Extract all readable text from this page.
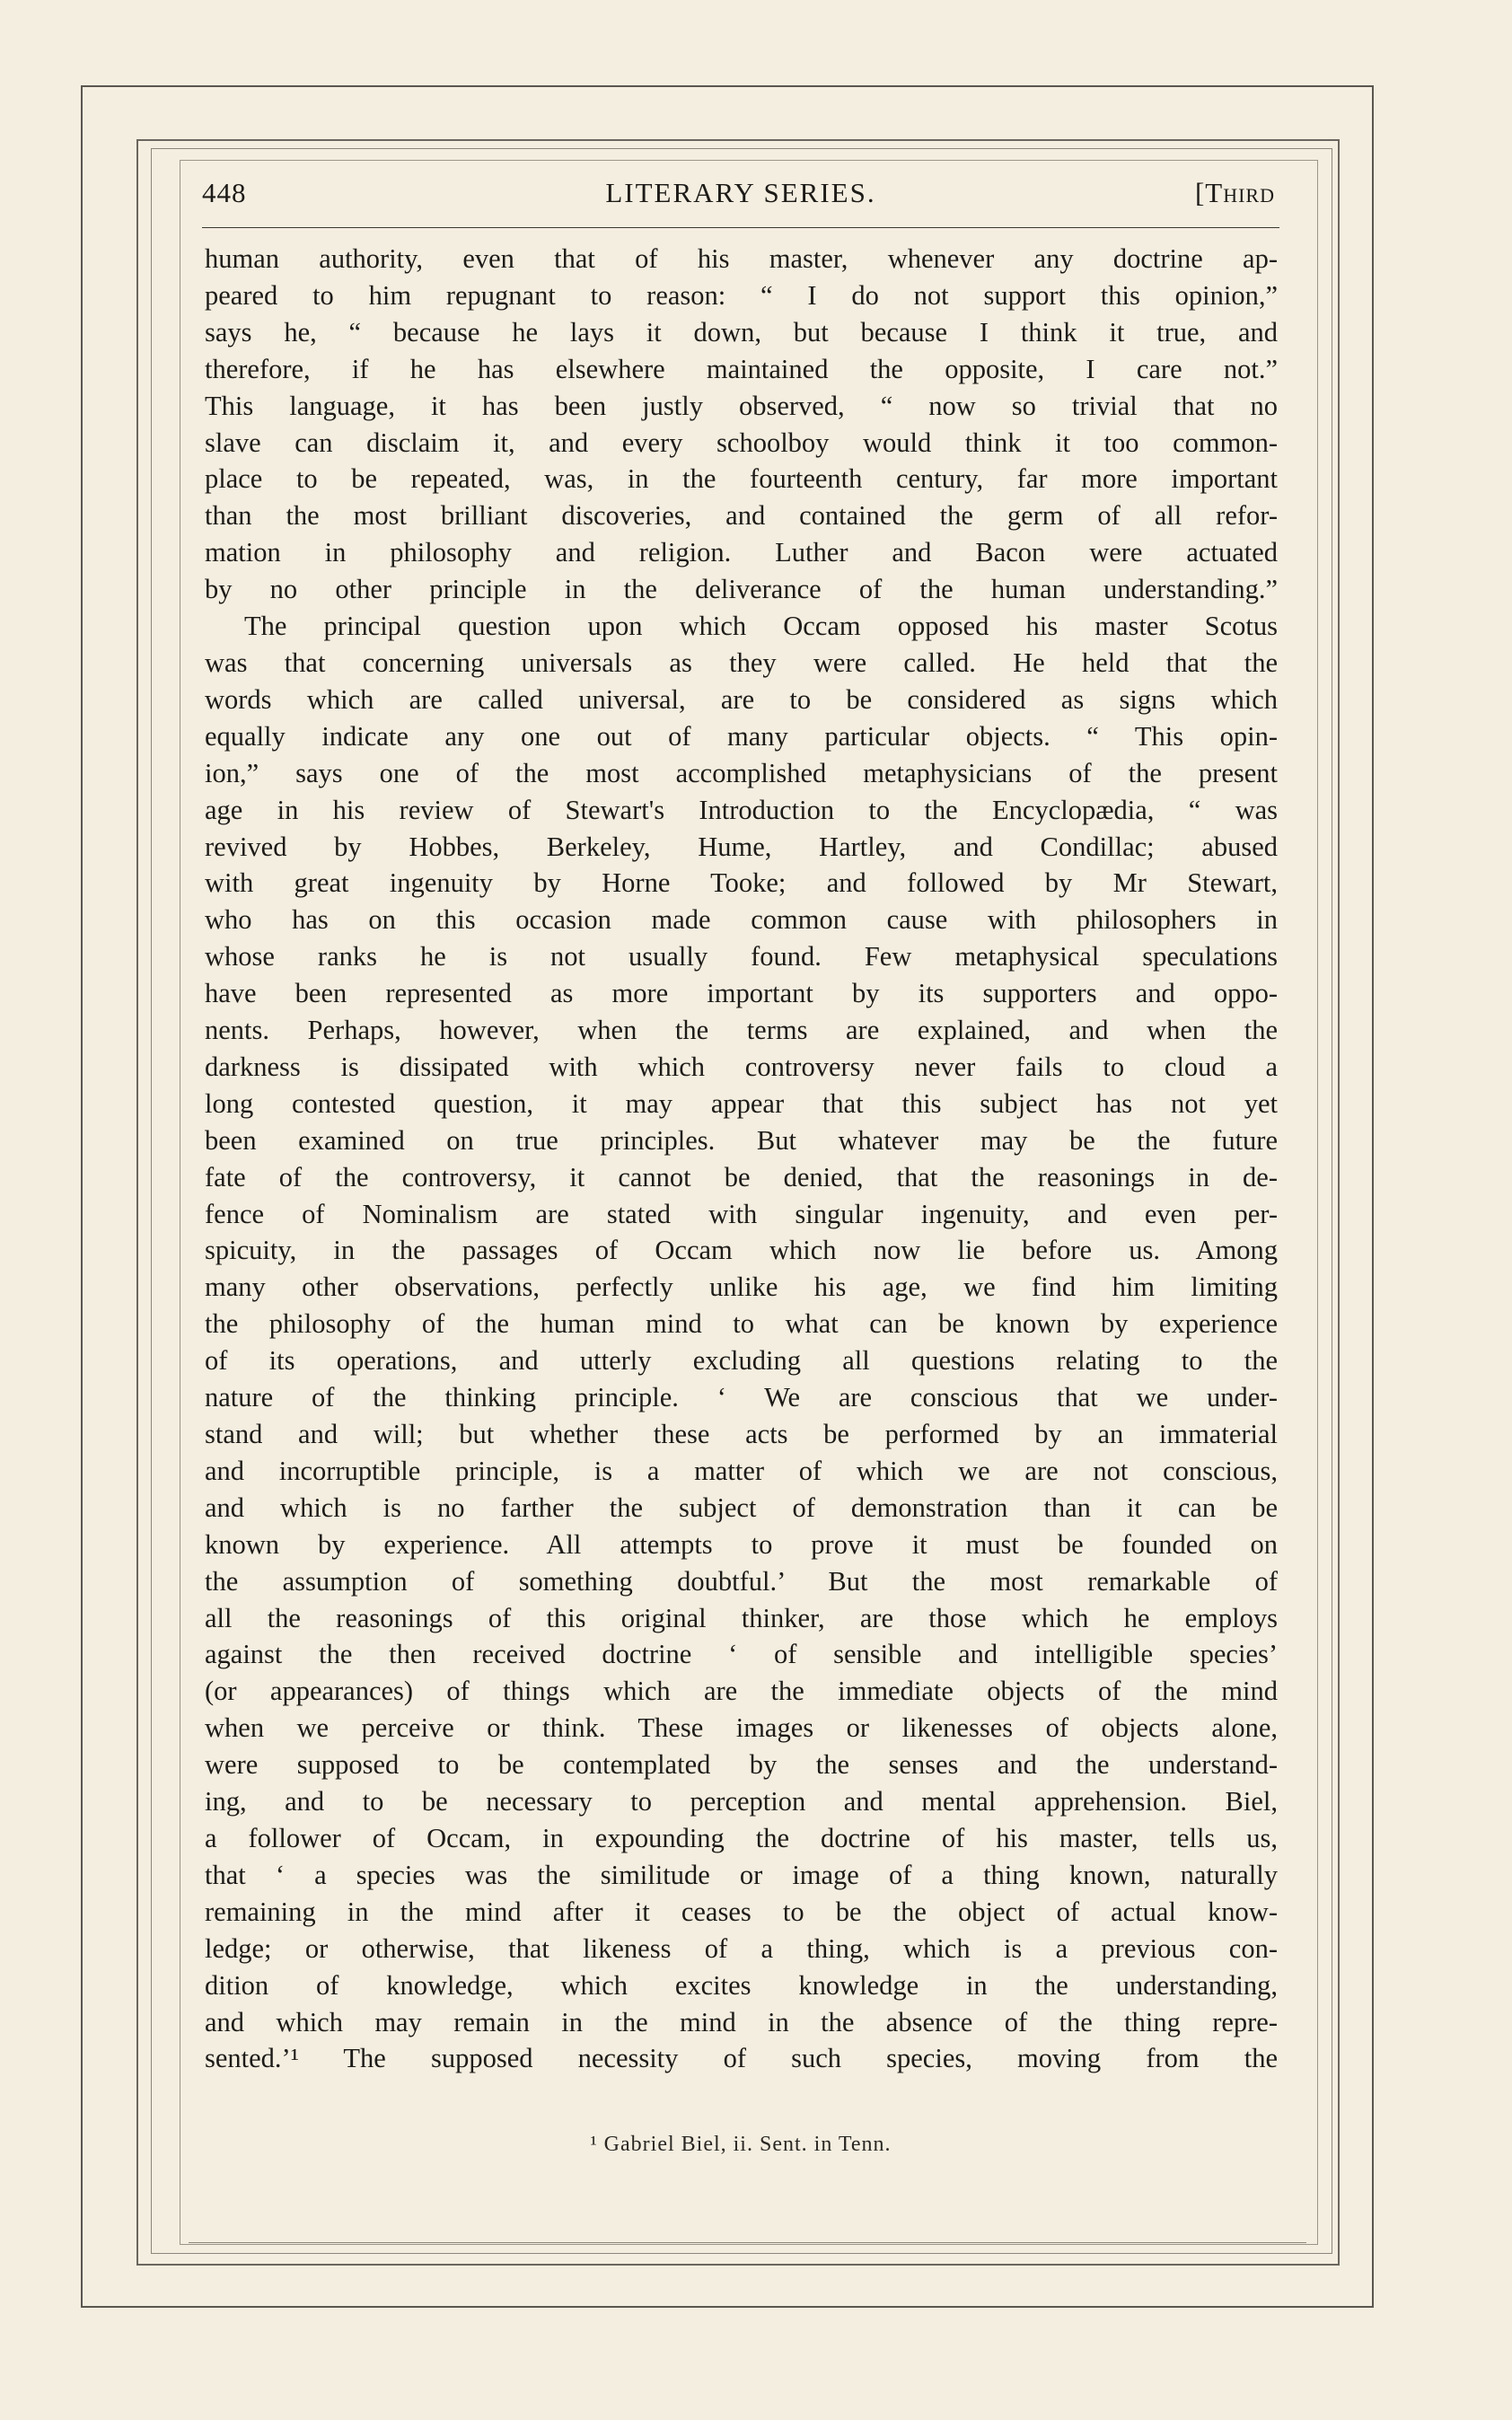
448	LITERARY SERIES.	[Third
human authority, even that of his master, whenever any doctrine ap-
peared to him repugnant to reason: “ I do not support this opinion,”
says he, “ because he lays it down, but because I think it true, and
therefore, if he has elsewhere maintained the opposite, I care not.”
This language, it has been justly observed, “ now so trivial that no
slave can disclaim it, and every schoolboy would think it too common-
place to be repeated, was, in the fourteenth century, far more important
than the most brilliant discoveries, and contained the germ of all refor-
mation in philosophy and religion. Luther and Bacon were actuated
by no other principle in the deliverance of the human understanding.”
The principal question upon which Occam opposed his master Scotus
was that concerning universals as they were called. He held that the
words which are called universal, are to be considered as signs which
equally indicate any one out of many particular objects. “ This opin-
ion,” says one of the most accomplished metaphysicians of the present
age in his review of Stewart's Introduction to the Encyclopædia, “ was
revived by Hobbes, Berkeley, Hume, Hartley, and Condillac; abused
with great ingenuity by Horne Tooke; and followed by Mr Stewart,
who has on this occasion made common cause with philosophers in
whose ranks he is not usually found. Few metaphysical speculations
have been represented as more important by its supporters and oppo-
nents. Perhaps, however, when the terms are explained, and when the
darkness is dissipated with which controversy never fails to cloud a
long contested question, it may appear that this subject has not yet
been examined on true principles. But whatever may be the future
fate of the controversy, it cannot be denied, that the reasonings in de-
fence of Nominalism are stated with singular ingenuity, and even per-
spicuity, in the passages of Occam which now lie before us. Among
many other observations, perfectly unlike his age, we find him limiting
the philosophy of the human mind to what can be known by experience
of its operations, and utterly excluding all questions relating to the
nature of the thinking principle. ‘ We are conscious that we under-
stand and will; but whether these acts be performed by an immaterial
and incorruptible principle, is a matter of which we are not conscious,
and which is no farther the subject of demonstration than it can be
known by experience. All attempts to prove it must be founded on
the assumption of something doubtful.’ But the most remarkable of
all the reasonings of this original thinker, are those which he employs
against the then received doctrine ‘ of sensible and intelligible species’
(or appearances) of things which are the immediate objects of the mind
when we perceive or think. These images or likenesses of objects alone,
were supposed to be contemplated by the senses and the understand-
ing, and to be necessary to perception and mental apprehension. Biel,
a follower of Occam, in expounding the doctrine of his master, tells us,
that ‘ a species was the similitude or image of a thing known, naturally
remaining in the mind after it ceases to be the object of actual know-
ledge; or otherwise, that likeness of a thing, which is a previous con-
dition of knowledge, which excites knowledge in the understanding,
and which may remain in the mind in the absence of the thing repre-
sented.’¹ The supposed necessity of such species, moving from the
¹ Gabriel Biel, ii. Sent. in Tenn.
